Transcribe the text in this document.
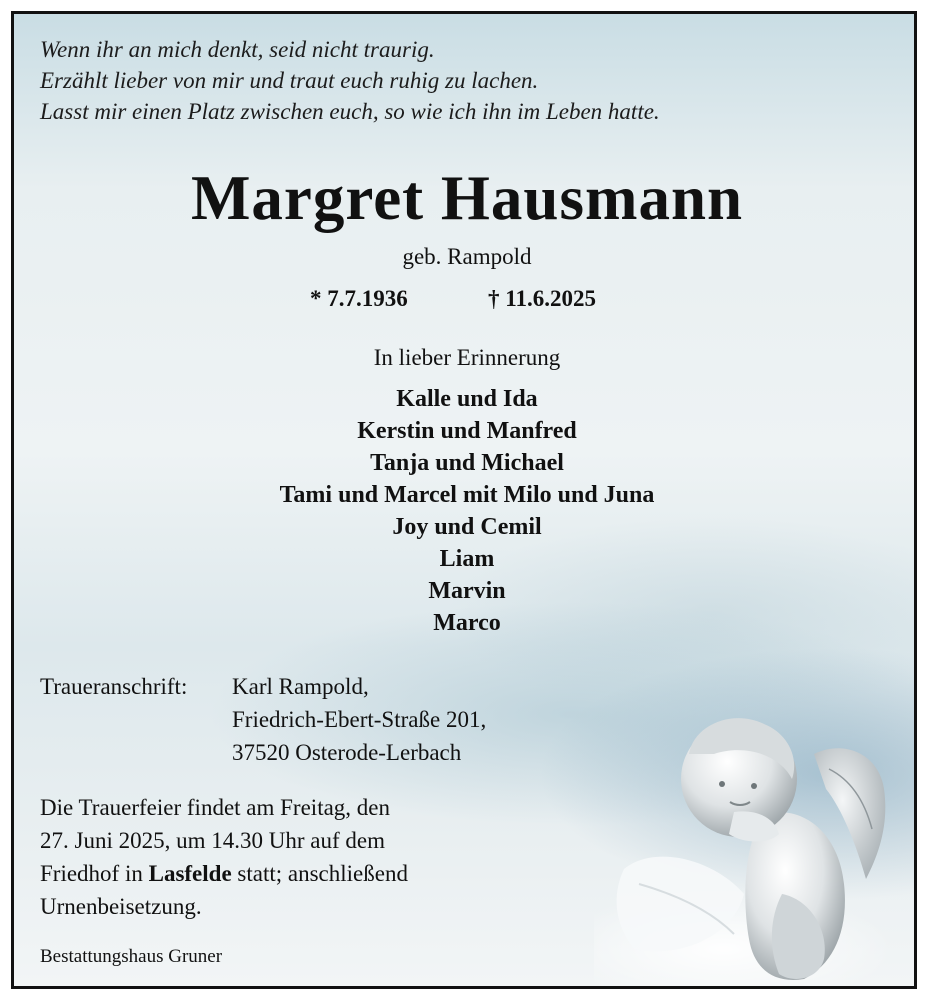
Wenn ihr an mich denkt, seid nicht traurig.
Erzählt lieber von mir und traut euch ruhig zu lachen.
Lasst mir einen Platz zwischen euch, so wie ich ihn im Leben hatte.
Margret Hausmann
geb. Rampold
* 7.7.1936	† 11.6.2025
In lieber Erinnerung
Kalle und Ida
Kerstin und Manfred
Tanja und Michael
Tami und Marcel mit Milo und Juna
Joy und Cemil
Liam
Marvin
Marco
Traueranschrift: Karl Rampold,
Friedrich-Ebert-Straße 201,
37520 Osterode-Lerbach
Die Trauerfeier findet am Freitag, den
27. Juni 2025, um 14.30 Uhr auf dem
Friedhof in Lasfelde statt; anschließend
Urnenbeisetzung.
Bestattungshaus Gruner
